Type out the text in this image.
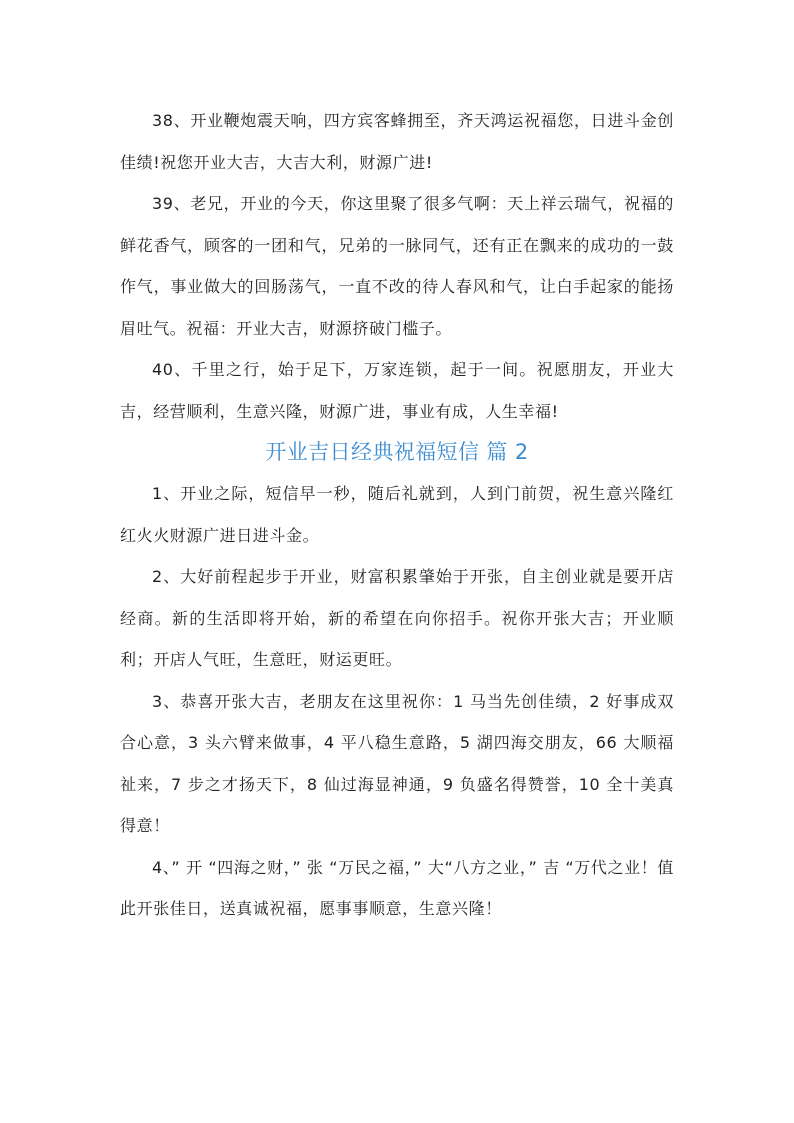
38、开业鞭炮震天响，四方宾客蜂拥至，齐天鸿运祝福您，日进斗金创佳绩!祝您开业大吉，大吉大利，财源广进!

39、老兄，开业的今天，你这里聚了很多气啊：天上祥云瑞气，祝福的鲜花香气，顾客的一团和气，兄弟的一脉同气，还有正在飘来的成功的一鼓作气，事业做大的回肠荡气，一直不改的待人春风和气，让白手起家的能扬眉吐气。祝福：开业大吉，财源挤破门槛子。

40、千里之行，始于足下，万家连锁，起于一间。祝愿朋友，开业大吉，经营顺利，生意兴隆，财源广进，事业有成，人生幸福!

开业吉日经典祝福短信 篇 2

1、开业之际，短信早一秒，随后礼就到，人到门前贺，祝生意兴隆红红火火财源广进日进斗金。

2、大好前程起步于开业，财富积累肇始于开张，自主创业就是要开店经商。新的生活即将开始，新的希望在向你招手。祝你开张大吉；开业顺利；开店人气旺，生意旺，财运更旺。

3、恭喜开张大吉，老朋友在这里祝你：1 马当先创佳绩，2 好事成双合心意，3 头六臂来做事，4 平八稳生意路，5 湖四海交朋友，66 大顺福祉来，7 步之才扬天下，8 仙过海显神通，9 负盛名得赞誉，10 全十美真得意！

4、” 开 “四海之财，” 张 “万民之福，” 大“八方之业，” 吉 “万代之业！值此开张佳日，送真诚祝福，愿事事顺意，生意兴隆！
